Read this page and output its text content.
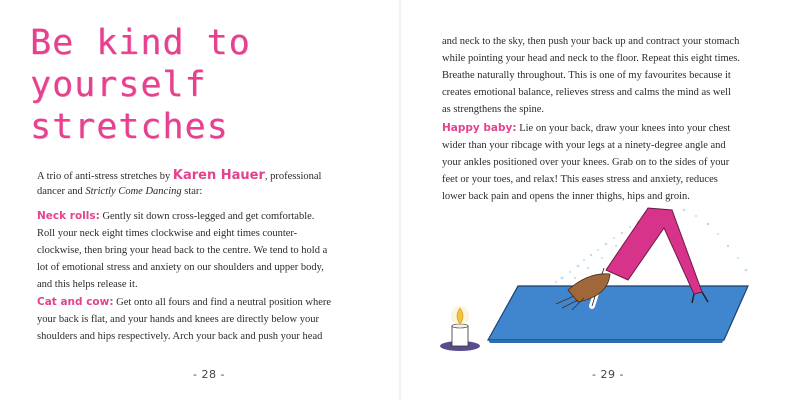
Be kind to yourself stretches

A trio of anti-stress stretches by Karen Hauer, professional dancer and Strictly Come Dancing star:

Neck rolls: Gently sit down cross-legged and get comfortable. Roll your neck eight times clockwise and eight times counter-clockwise, then bring your head back to the centre. We tend to hold a lot of emotional stress and anxiety on our shoulders and upper body, and this helps release it.

Cat and cow: Get onto all fours and find a neutral position where your back is flat, and your hands and knees are directly below your shoulders and hips respectively. Arch your back and push your head

- 28 -

and neck to the sky, then push your back up and contract your stomach while pointing your head and neck to the floor. Repeat this eight times. Breathe naturally throughout. This is one of my favourites because it creates emotional balance, relieves stress and calms the mind as well as strengthens the spine.

Happy baby: Lie on your back, draw your knees into your chest wider than your ribcage with your legs at a ninety-degree angle and your ankles positioned over your knees. Grab on to the sides of your feet or your toes, and relax! This eases stress and anxiety, reduces lower back pain and opens the inner thighs, hips and groin.

- 29 -
